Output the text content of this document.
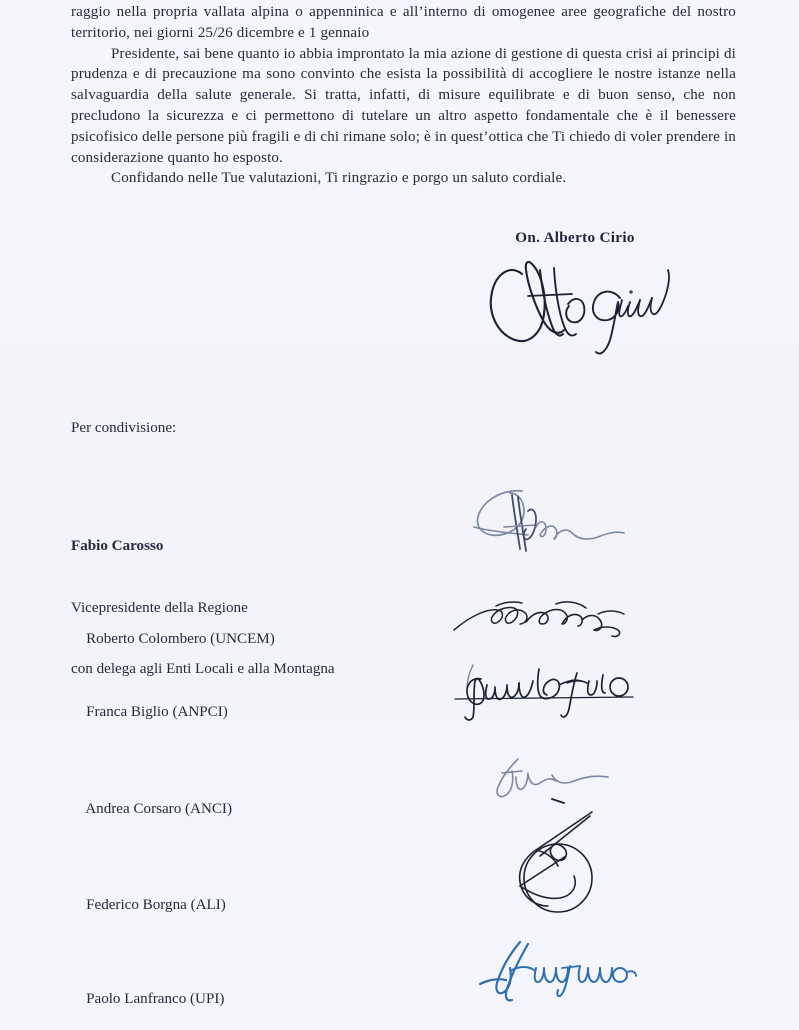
raggio nella propria vallata alpina o appenninica e all’interno di omogenee aree geografiche del nostro territorio, nei giorni 25/26 dicembre e 1 gennaio

Presidente, sai bene quanto io abbia improntato la mia azione di gestione di questa crisi ai principi di prudenza e di precauzione ma sono convinto che esista la possibilità di accogliere le nostre istanze nella salvaguardia della salute generale. Si tratta, infatti, di misure equilibrate e di buon senso, che non precludono la sicurezza e ci permettono di tutelare un altro aspetto fondamentale che è il benessere psicofisico delle persone più fragili e di chi rimane solo; è in quest’ottica che Ti chiedo di voler prendere in considerazione quanto ho esposto.

Confidando nelle Tue valutazioni, Ti ringrazio e porgo un saluto cordiale.

On. Alberto Cirio
Per condivisione:

Fabio Carosso

Vicepresidente della Regione

con delega agli Enti Locali e alla Montagna

Roberto Colombero (UNCEM)

Franca Biglio (ANPCI)

Andrea Corsaro (ANCI)

Federico Borgna (ALI)

Paolo Lanfranco (UPI)
